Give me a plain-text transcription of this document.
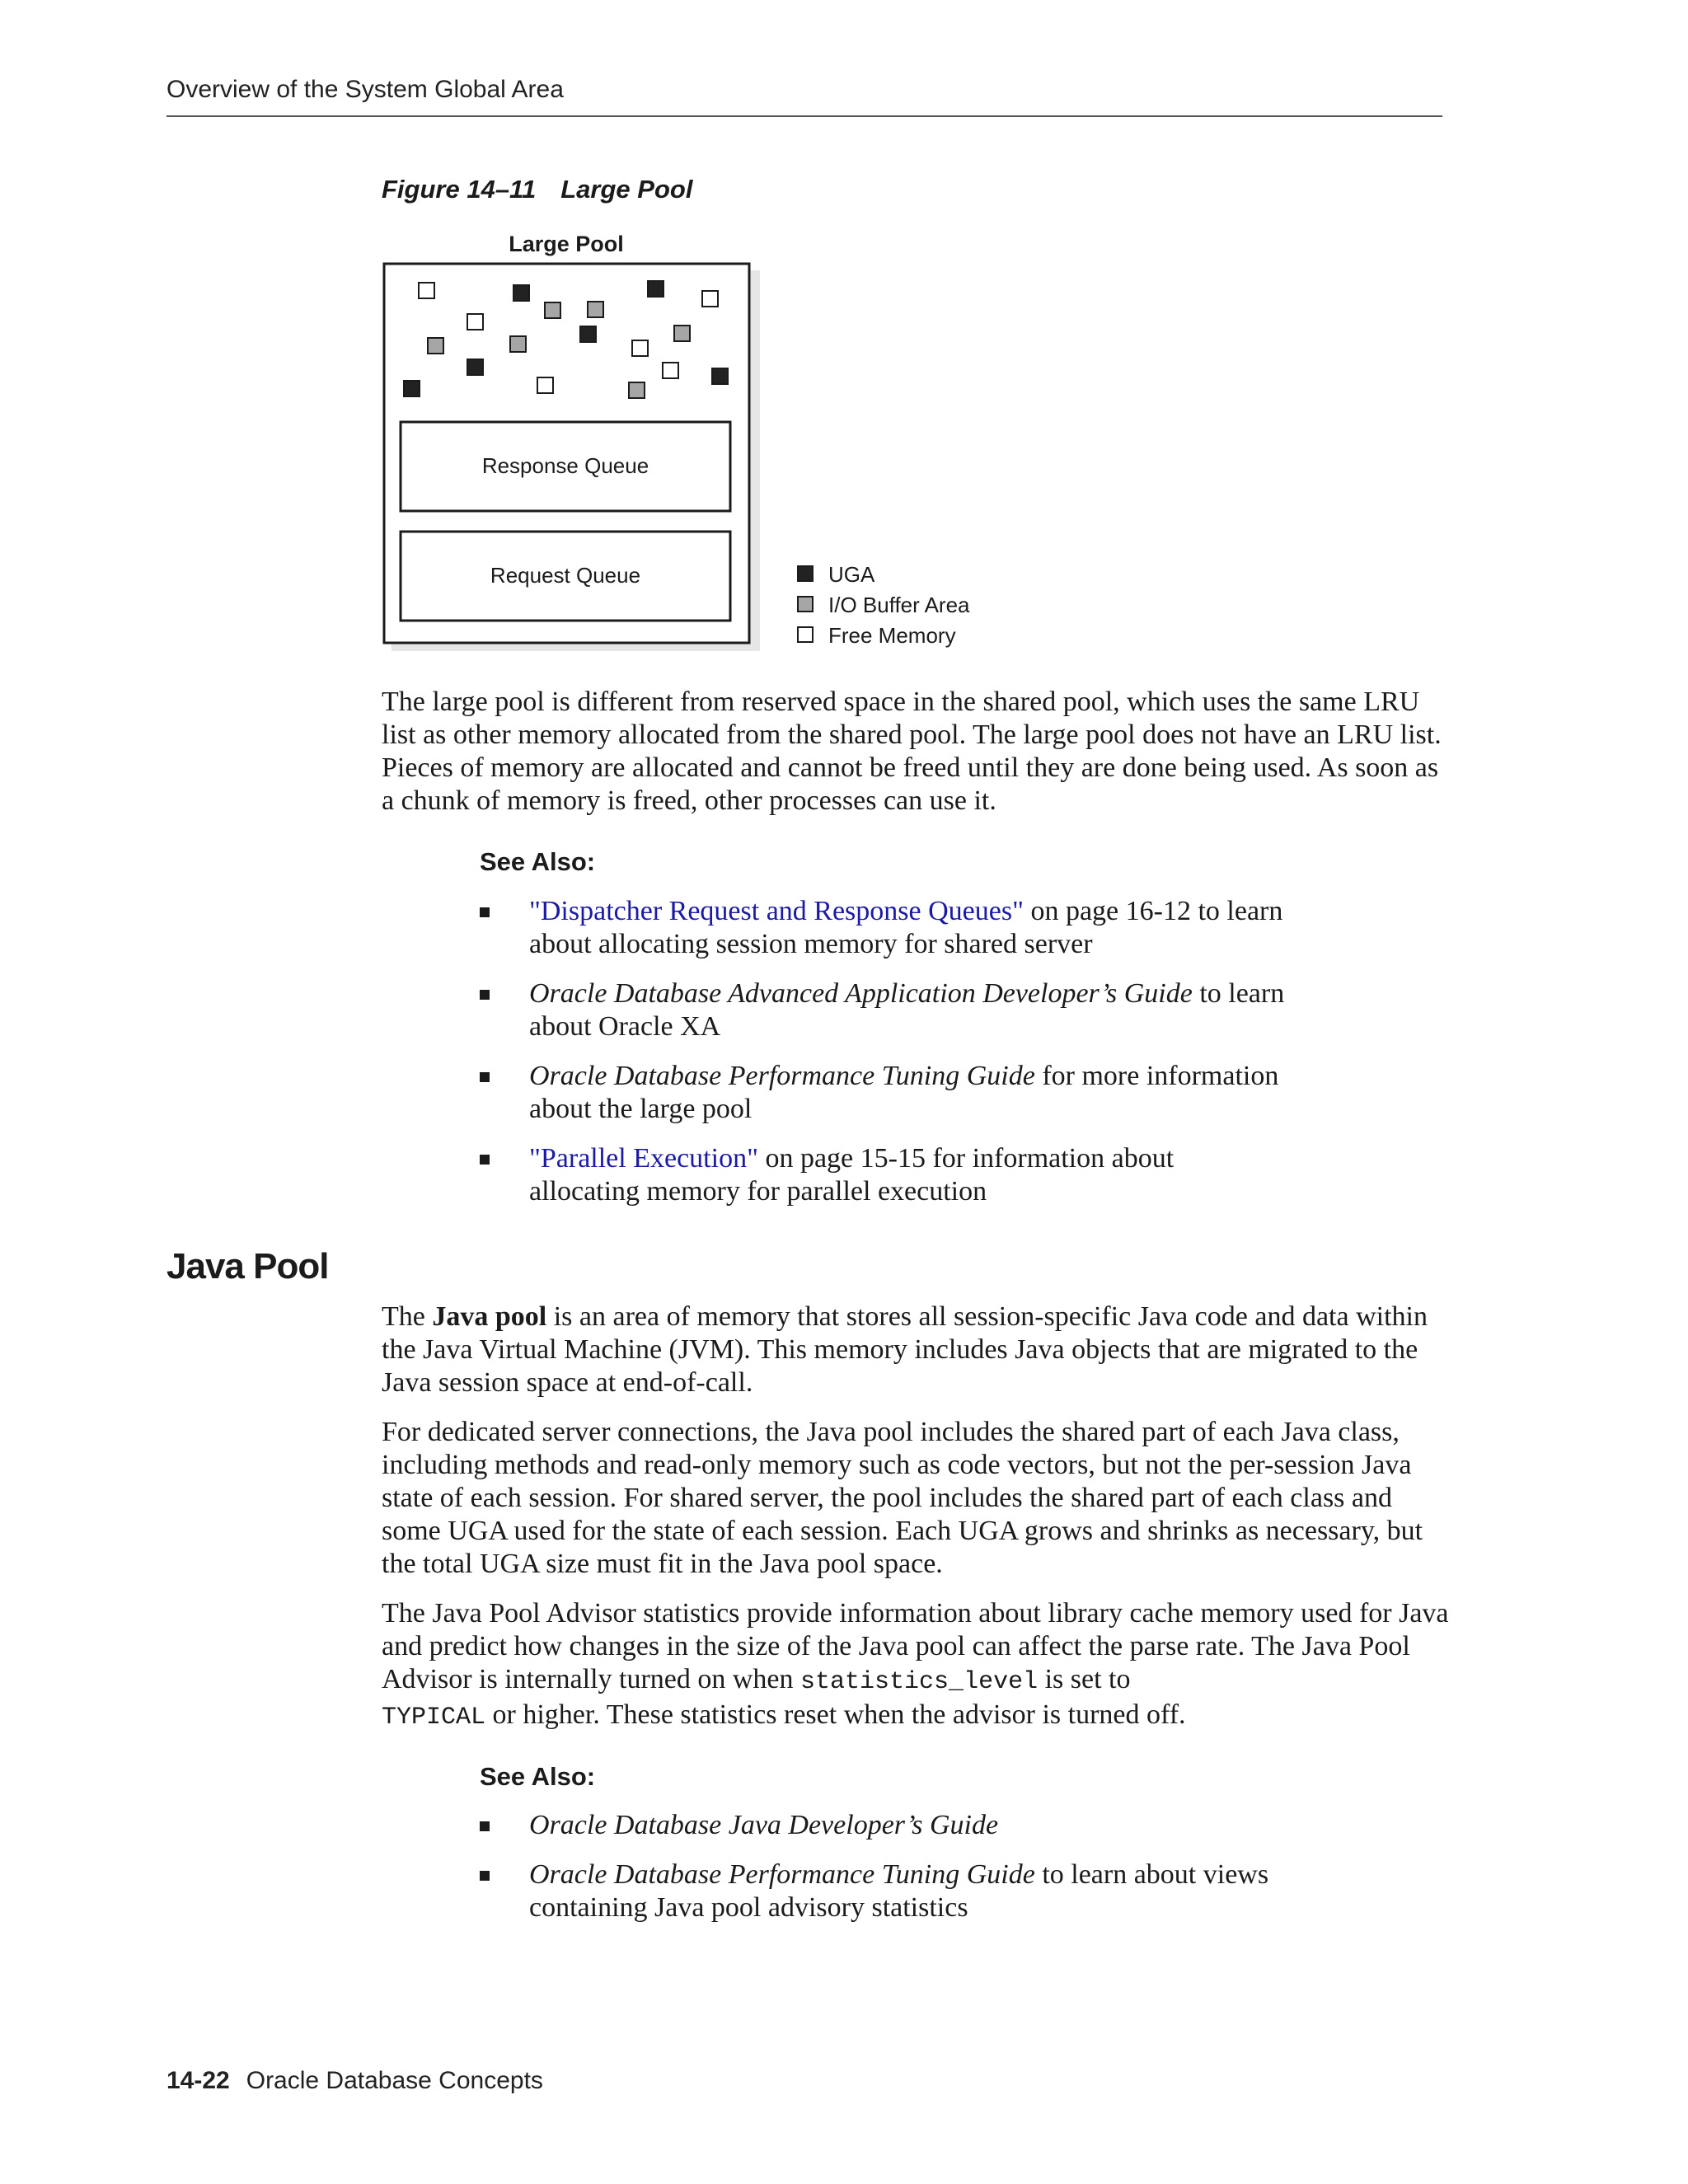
Overview of the System Global Area
Figure 14–11 Large Pool
Large Pool
Response Queue
Request Queue	UGA
I/O Buffer Area
Free Memory
The large pool is different from reserved space in the shared pool, which uses the same LRU list as other memory allocated from the shared pool. The large pool does not have an LRU list. Pieces of memory are allocated and cannot be freed until they are done being used. As soon as a chunk of memory is freed, other processes can use it.
See Also:
"Dispatcher Request and Response Queues" on page 16-12 to learn
about allocating session memory for shared server
Oracle Database Advanced Application Developer’s Guide to learn
about Oracle XA
Oracle Database Performance Tuning Guide for more information
about the large pool
"Parallel Execution" on page 15-15 for information about
allocating memory for parallel execution
Java Pool

The Java pool is an area of memory that stores all session-specific Java code and data within the Java Virtual Machine (JVM). This memory includes Java objects that are migrated to the Java session space at end-of-call.

For dedicated server connections, the Java pool includes the shared part of each Java class, including methods and read-only memory such as code vectors, but not the per-session Java state of each session. For shared server, the pool includes the shared part of each class and some UGA used for the state of each session. Each UGA grows and shrinks as necessary, but the total UGA size must fit in the Java pool space.

The Java Pool Advisor statistics provide information about library cache memory used for Java and predict how changes in the size of the Java pool can affect the parse rate. The Java Pool Advisor is internally turned on when statistics_level is set to
TYPICAL or higher. These statistics reset when the advisor is turned off.

See Also:
Oracle Database Java Developer’s Guide
Oracle Database Performance Tuning Guide to learn about views
containing Java pool advisory statistics
14-22 Oracle Database Concepts
